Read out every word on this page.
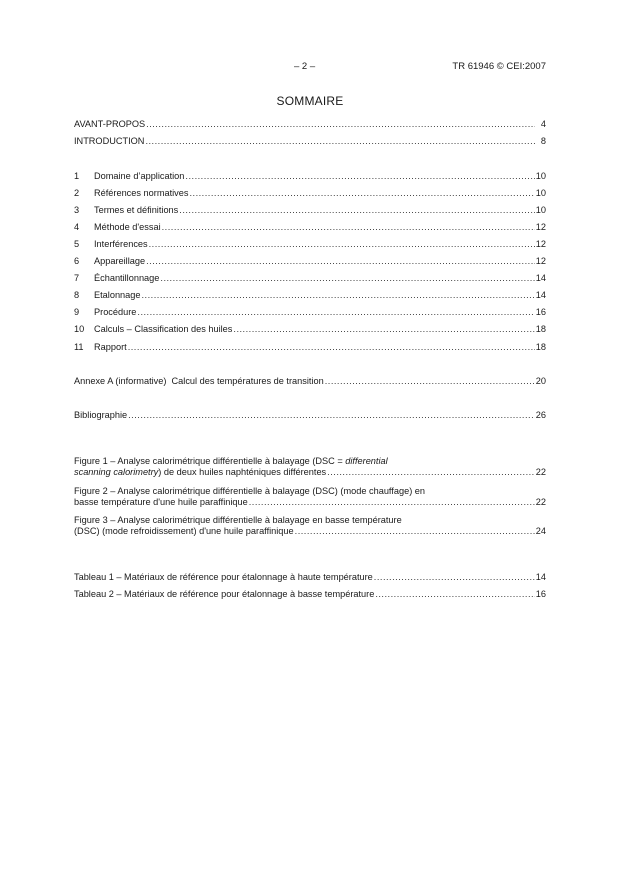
– 2 –	TR 61946 © CEI:2007
SOMMAIRE
AVANT-PROPOS .....	4
INTRODUCTION .....	8
1	Domaine d’application .....	10
2	Références normatives .....	10
3	Termes et définitions .....	10
4	Méthode d'essai .....	12
5	Interférences .....	12
6	Appareillage .....	12
7	Échantillonnage .....	14
8	Etalonnage .....	14
9	Procédure .....	16
10	Calculs – Classification des huiles .....	18
11	Rapport .....	18
Annexe A (informative)  Calcul des températures de transition .....	20
Bibliographie .....	26
Figure 1 – Analyse calorimétrique différentielle à balayage (DSC = differential
scanning calorimetry) de deux huiles naphténiques différentes .....	22
Figure 2 – Analyse calorimétrique différentielle à balayage (DSC) (mode chauffage) en
basse température d'une huile paraffinique .....	22
Figure 3 – Analyse calorimétrique différentielle à balayage en basse température
(DSC) (mode refroidissement) d'une huile paraffinique .....	24
Tableau 1 – Matériaux de référence pour étalonnage à haute température .....	14
Tableau 2 – Matériaux de référence pour étalonnage à basse température .....	16
